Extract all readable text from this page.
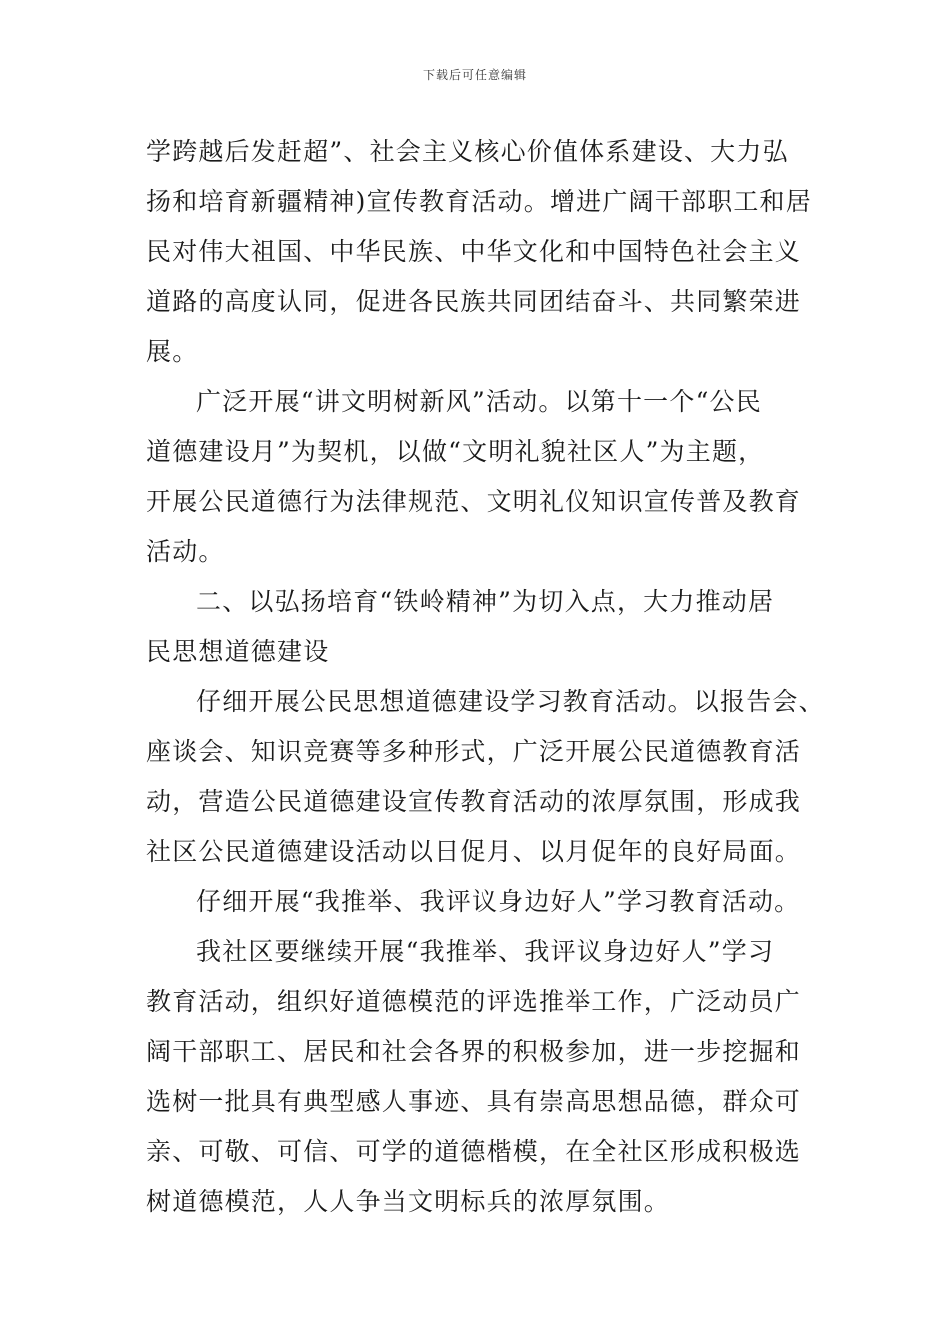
下载后可任意编辑
学跨越后发赶超”、社会主义核心价值体系建设、大力弘
扬和培育新疆精神)宣传教育活动。增进广阔干部职工和居
民对伟大祖国、中华民族、中华文化和中国特色社会主义
道路的高度认同，促进各民族共同团结奋斗、共同繁荣进
展。
广泛开展“讲文明树新风”活动。以第十一个“公民
道德建设月”为契机，以做“文明礼貌社区人”为主题，
开展公民道德行为法律规范、文明礼仪知识宣传普及教育
活动。
二、以弘扬培育“铁岭精神”为切入点，大力推动居
民思想道德建设
仔细开展公民思想道德建设学习教育活动。以报告会、
座谈会、知识竞赛等多种形式，广泛开展公民道德教育活
动，营造公民道德建设宣传教育活动的浓厚氛围，形成我
社区公民道德建设活动以日促月、以月促年的良好局面。
仔细开展“我推举、我评议身边好人”学习教育活动。
我社区要继续开展“我推举、我评议身边好人”学习
教育活动，组织好道德模范的评选推举工作，广泛动员广
阔干部职工、居民和社会各界的积极参加，进一步挖掘和
选树一批具有典型感人事迹、具有崇高思想品德，群众可
亲、可敬、可信、可学的道德楷模，在全社区形成积极选
树道德模范，人人争当文明标兵的浓厚氛围。
